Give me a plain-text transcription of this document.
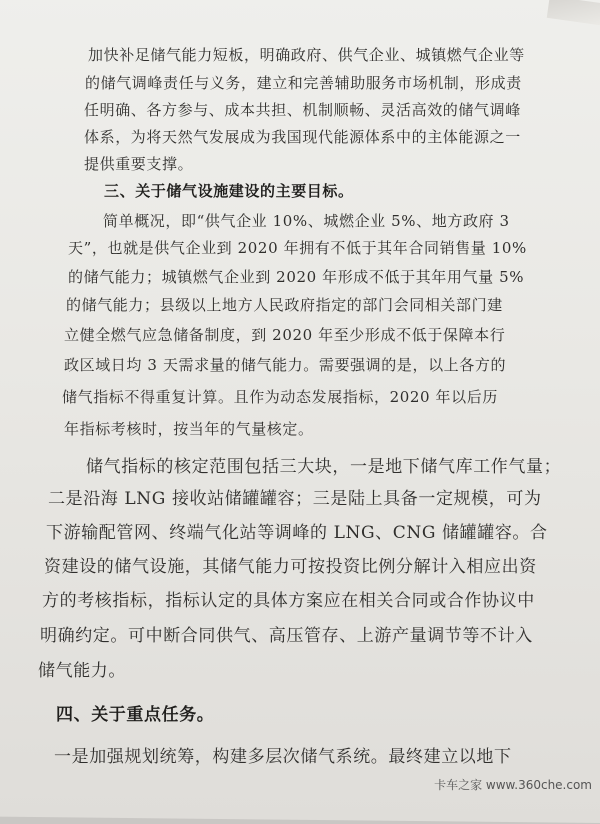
加快补足储气能力短板，明确政府、供气企业、城镇燃气企业等
的储气调峰责任与义务，建立和完善辅助服务市场机制，形成责
任明确、各方参与、成本共担、机制顺畅、灵活高效的储气调峰
体系，为将天然气发展成为我国现代能源体系中的主体能源之一
提供重要支撑。
三、关于储气设施建设的主要目标。
简单概况，即“供气企业 10%、城燃企业 5%、地方政府 3
天”，也就是供气企业到 2020 年拥有不低于其年合同销售量 10%
的储气能力；城镇燃气企业到 2020 年形成不低于其年用气量 5%
的储气能力；县级以上地方人民政府指定的部门会同相关部门建
立健全燃气应急储备制度，到 2020 年至少形成不低于保障本行
政区域日均 3 天需求量的储气能力。需要强调的是，以上各方的
储气指标不得重复计算。且作为动态发展指标，2020 年以后历
年指标考核时，按当年的气量核定。
储气指标的核定范围包括三大块，一是地下储气库工作气量；
二是沿海 LNG 接收站储罐罐容；三是陆上具备一定规模，可为
下游输配管网、终端气化站等调峰的 LNG、CNG 储罐罐容。合
资建设的储气设施，其储气能力可按投资比例分解计入相应出资
方的考核指标，指标认定的具体方案应在相关合同或合作协议中
明确约定。可中断合同供气、高压管存、上游产量调节等不计入
储气能力。
四、关于重点任务。
一是加强规划统筹，构建多层次储气系统。最终建立以地下
卡车之家 www.360che.com
